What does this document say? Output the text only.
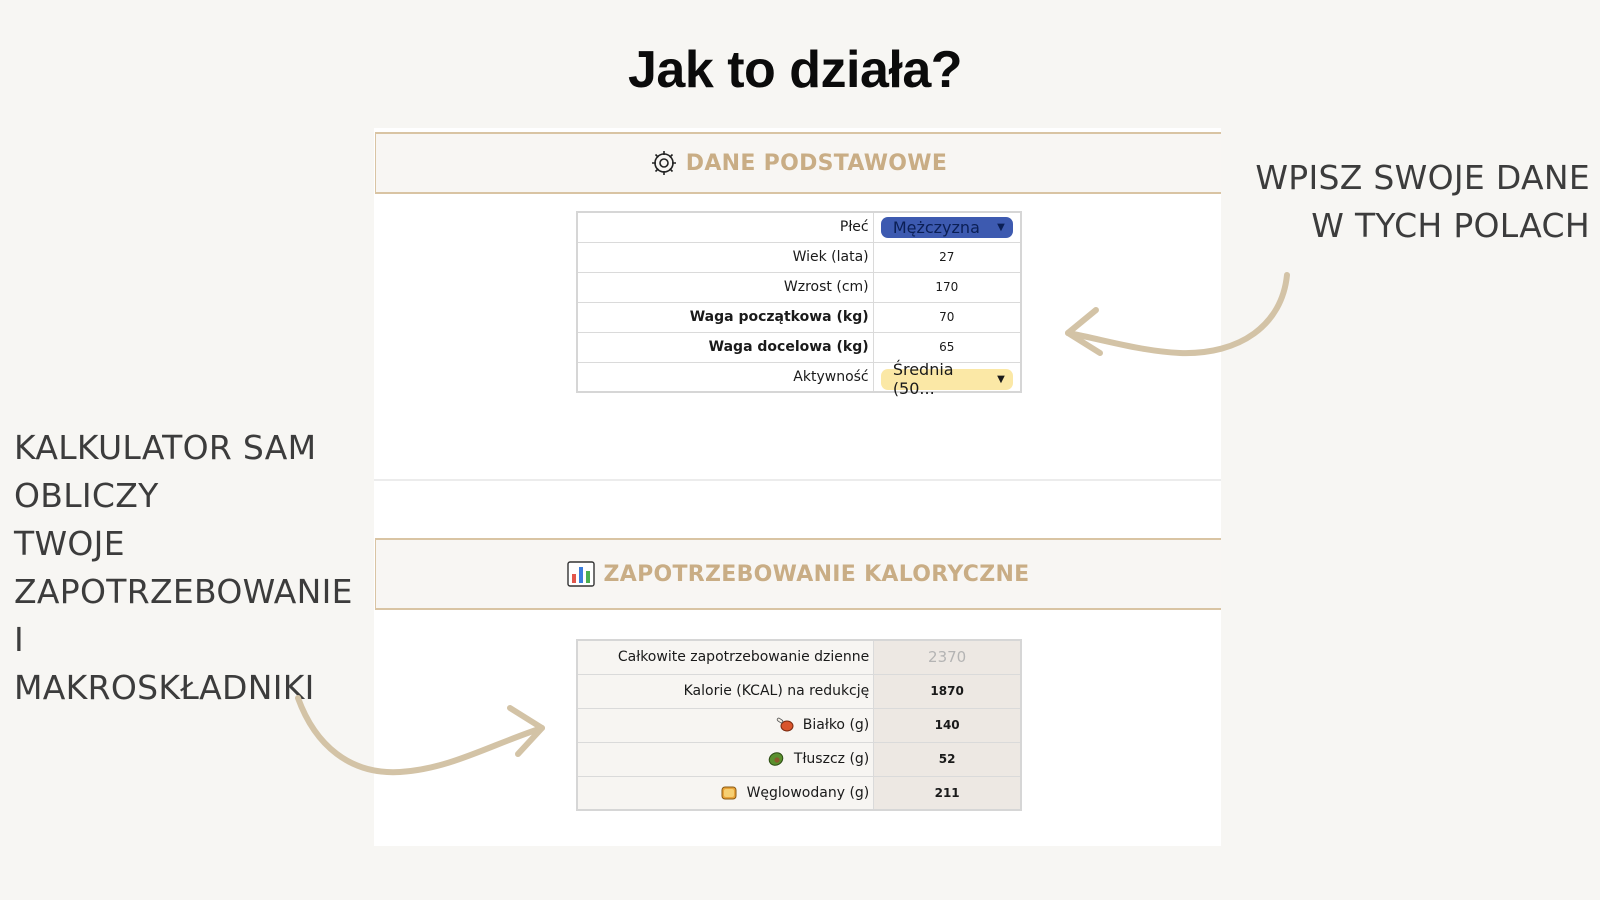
Jak to działa?
DANE PODSTAWOWE
Płeć	Mężczyzna ▼

Wiek (lata)	27
Wzrost (cm)	170
Waga początkowa (kg)	70
Waga docelowa (kg)	65
Aktywność	Średnia (50... ▼
ZAPOTRZEBOWANIE KALORYCZNE
Całkowite zapotrzebowanie dzienne	2370
Kalorie (KCAL) na redukcję	1870

Białko (g)	140

Tłuszcz (g)	52

Węglowodany (g)	211
WPISZ SWOJE DANE
W TYCH POLACH
KALKULATOR SAM
OBLICZY
TWOJE
ZAPOTRZEBOWANIE I
MAKROSKŁADNIKI
